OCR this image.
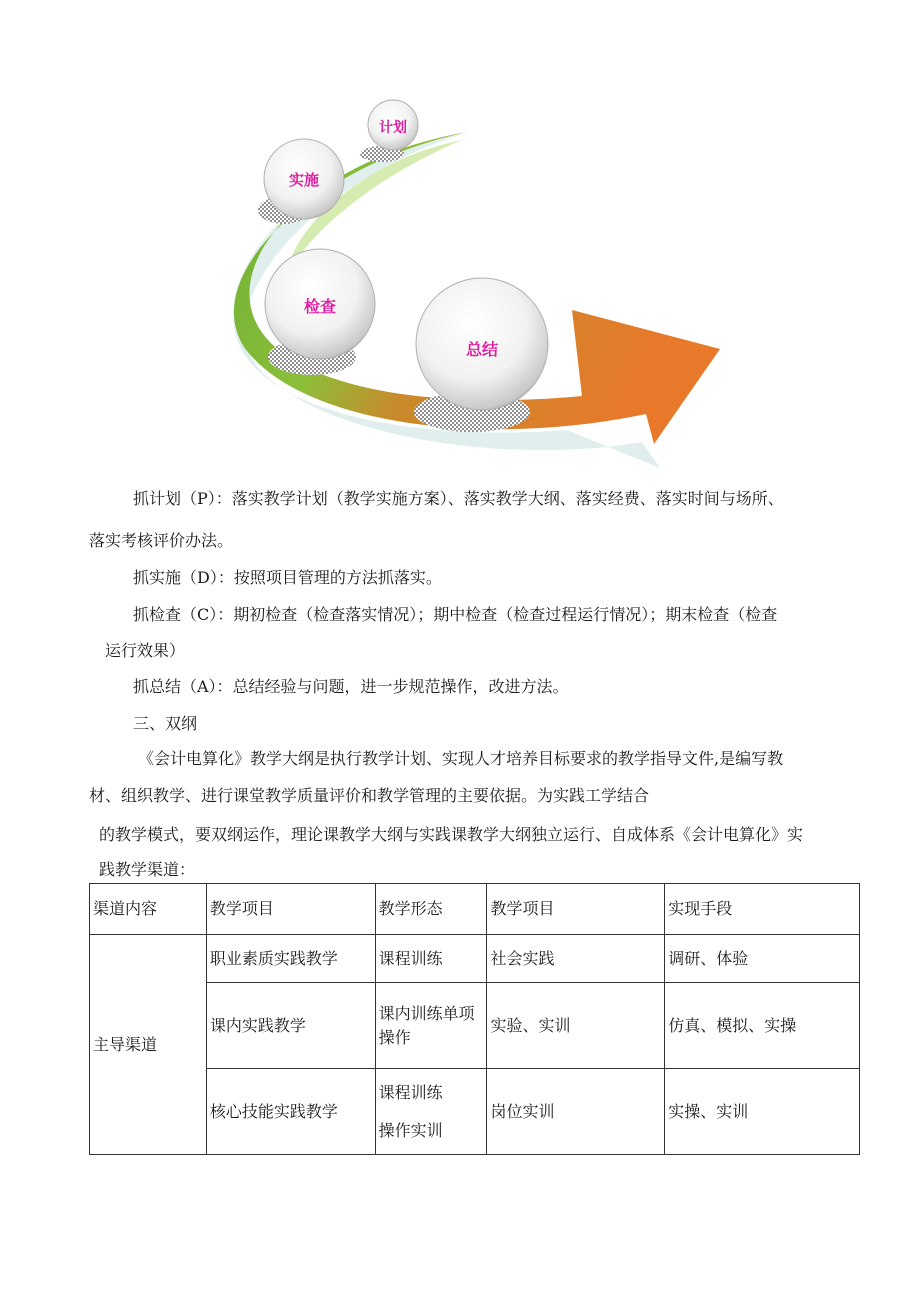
计划
实施
检查
总结

抓计划（P）：落实教学计划（教学实施方案）、落实教学大纲、落实经费、落实时间与场所、

落实考核评价办法。

抓实施（D）：按照项目管理的方法抓落实。

抓检查（C）：期初检查（检查落实情况）；期中检查（检查过程运行情况）；期末检查（检查

运行效果）

抓总结（A）：总结经验与问题，进一步规范操作，改进方法。

三、双纲

《会计电算化》教学大纲是执行教学计划、实现人才培养目标要求的教学指导文件,是编写教

材、组织教学、进行课堂教学质量评价和教学管理的主要依据。为实践工学结合

的教学模式，要双纲运作，理论课教学大纲与实践课教学大纲独立运行、自成体系《会计电算化》实

践教学渠道：

渠道内容	教学项目	教学形态	教学项目	实现手段
主导渠道	职业素质实践教学	课程训练	社会实践	调研、体验
	课内实践教学	课内训练单项
操作	实验、实训	仿真、模拟、实操
	核心技能实践教学	课程训练
操作实训	岗位实训	实操、实训
